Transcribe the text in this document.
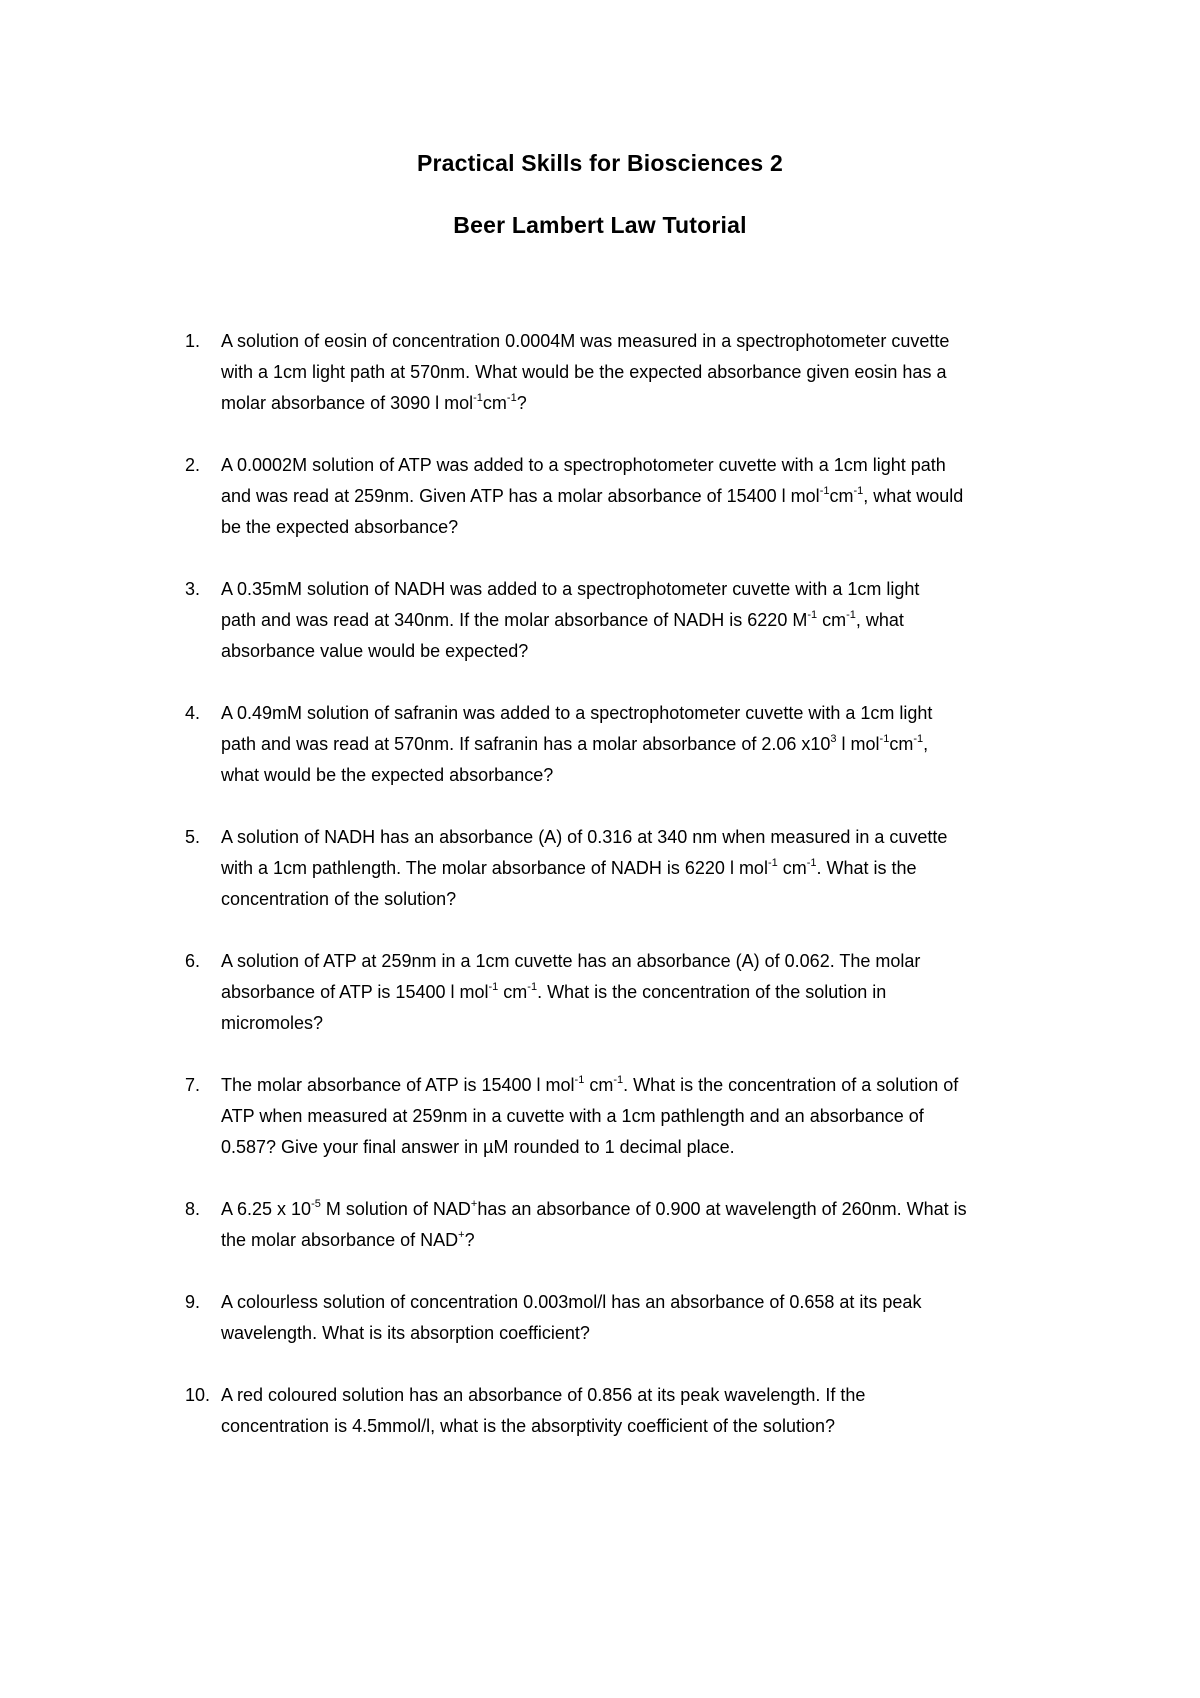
Practical Skills for Biosciences 2
Beer Lambert Law Tutorial
1. A solution of eosin of concentration 0.0004M was measured in a spectrophotometer cuvette
with a 1cm light path at 570nm. What would be the expected absorbance given eosin has a
molar absorbance of 3090 l $mol^{-1}cm^{-1}$?
2. A 0.0002M solution of ATP was added to a spectrophotometer cuvette with a 1cm light path
and was read at 259nm. Given ATP has a molar absorbance of 15400 l $mol^{-1}cm^{-1}$, what would
be the expected absorbance?
3. A 0.35mM solution of NADH was added to a spectrophotometer cuvette with a 1cm light
path and was read at 340nm. If the molar absorbance of NADH is 6220 $M^{-1}$ $cm^{-1}$, what
absorbance value would be expected?
4. A 0.49mM solution of safranin was added to a spectrophotometer cuvette with a 1cm light
path and was read at 570nm. If safranin has a molar absorbance of 2.06 $x10^3$ l $mol^{-1}cm^{-1}$,
what would be the expected absorbance?
5. A solution of NADH has an absorbance (A) of 0.316 at 340 nm when measured in a cuvette
with a 1cm pathlength. The molar absorbance of NADH is 6220 l mol$^{-1}$ $cm^{-1}$. What is the
concentration of the solution?
6. A solution of ATP at 259nm in a 1cm cuvette has an absorbance (A) of 0.062. The molar
absorbance of ATP is 15400 l mol$^{-1}$ $cm^{-1}$. What is the concentration of the solution in
micromoles?
7. The molar absorbance of ATP is 15400 l mol$^{-1}$ $cm^{-1}$. What is the concentration of a solution of
ATP when measured at 259nm in a cuvette with a 1cm pathlength and an absorbance of
0.587? Give your final answer in µM rounded to 1 decimal place.
8. A 6.25 x $10^{-5}$ M solution of NAD+has an absorbance of 0.900 at wavelength of 260nm. What is
the molar absorbance of NAD+?
9. A colourless solution of concentration 0.003mol/l has an absorbance of 0.658 at its peak
wavelength. What is its absorption coefficient?
10. A red coloured solution has an absorbance of 0.856 at its peak wavelength. If the
concentration is 4.5mmol/l, what is the absorptivity coefficient of the solution?
